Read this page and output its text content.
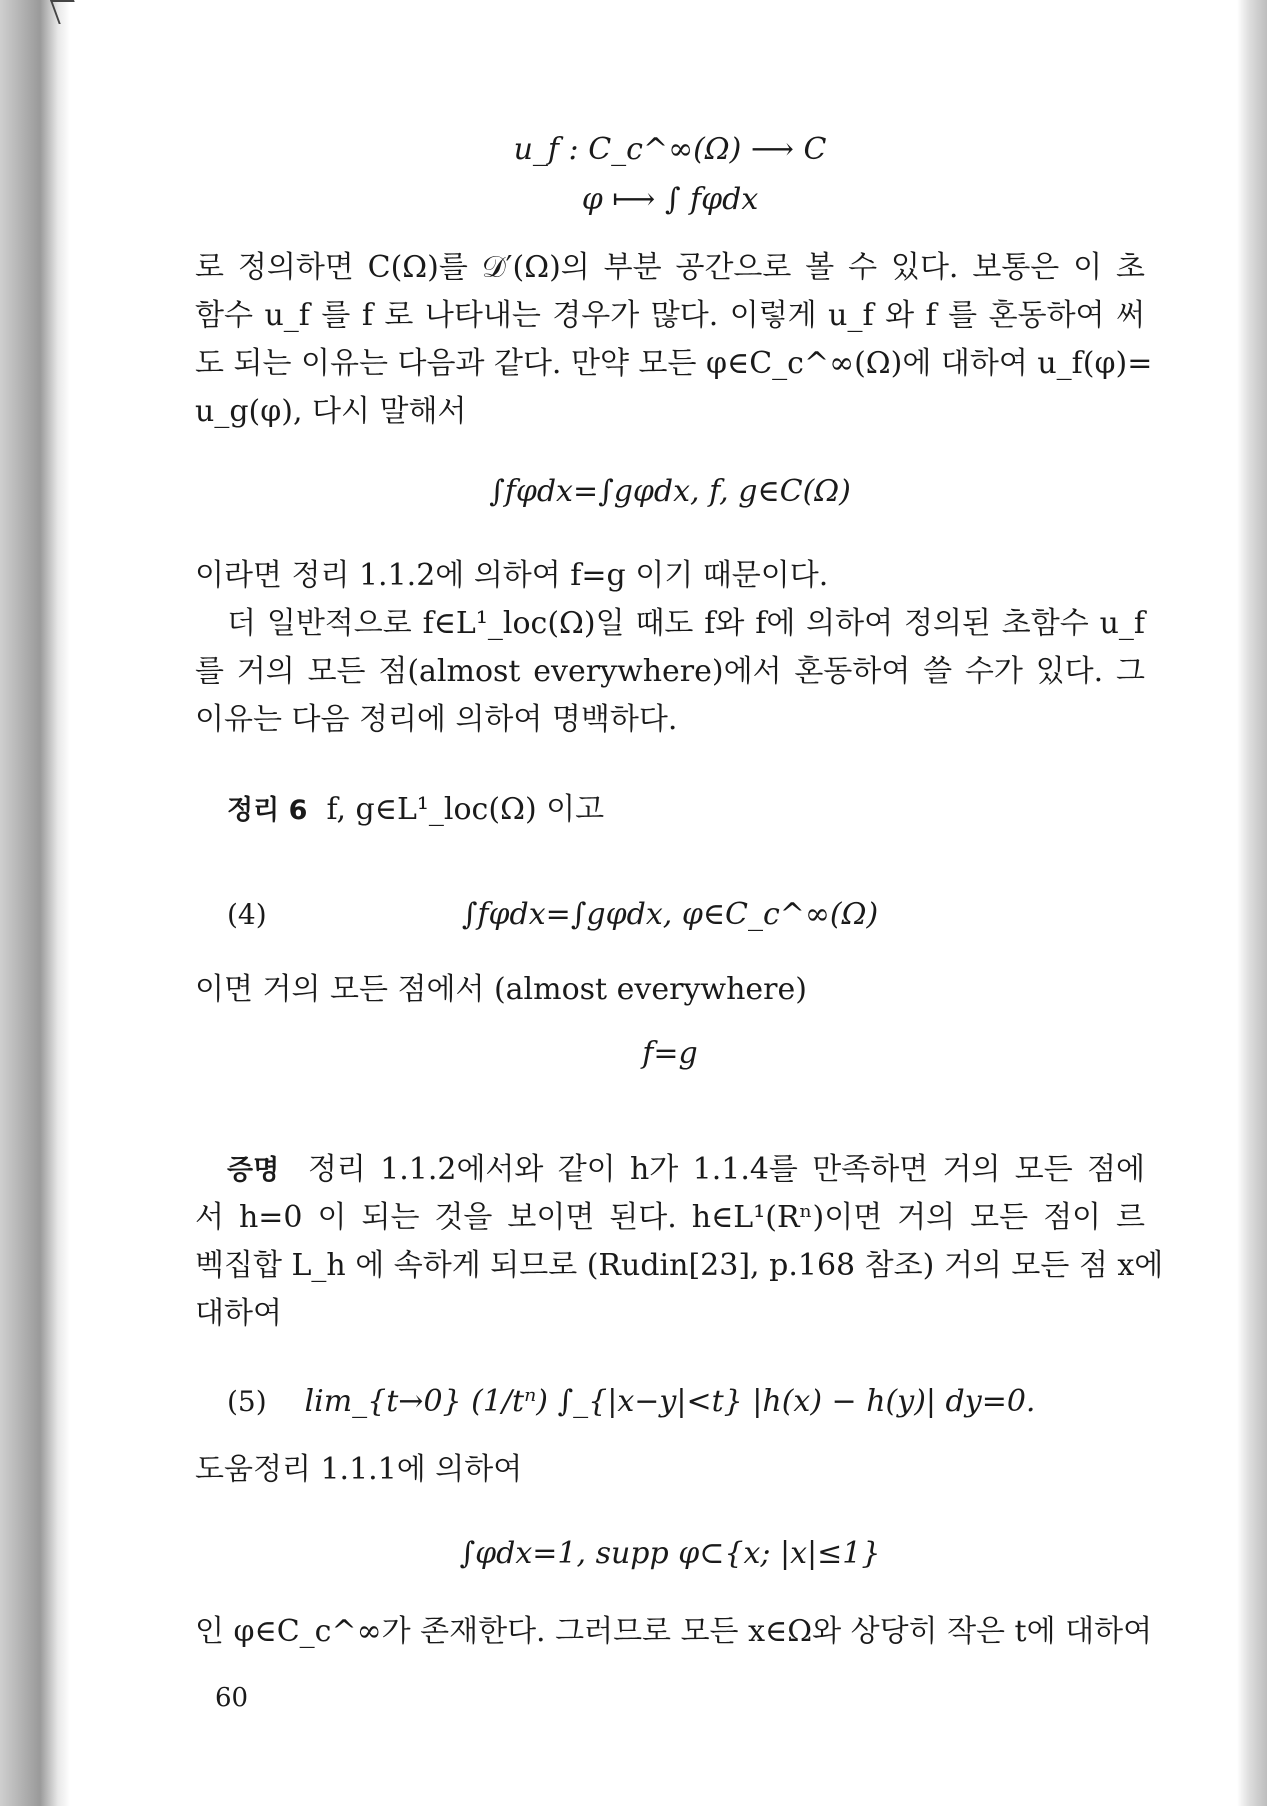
u_f : C_c^∞(Ω) ⟶ C
φ ⟼ ∫ fφdx
로 정의하면 C(Ω)를 𝒟′(Ω)의 부분 공간으로 볼 수 있다. 보통은 이 초
함수 u_f 를 f 로 나타내는 경우가 많다. 이렇게 u_f 와 f 를 혼동하여 써
도 되는 이유는 다음과 같다. 만약 모든 φ∈C_c^∞(Ω)에 대하여 u_f(φ)=
u_g(φ), 다시 말해서
∫fφdx=∫gφdx, f, g∈C(Ω)
이라면 정리 1.1.2에 의하여 f=g 이기 때문이다.
더 일반적으로 f∈L¹_loc(Ω)일 때도 f와 f에 의하여 정의된 초함수 u_f
를 거의 모든 점(almost everywhere)에서 혼동하여 쓸 수가 있다. 그
이유는 다음 정리에 의하여 명백하다.
정리 6 f, g∈L¹_loc(Ω) 이고
(4)	∫fφdx=∫gφdx, φ∈C_c^∞(Ω)
이면 거의 모든 점에서 (almost everywhere)
f=g
증명 정리 1.1.2에서와 같이 h가 1.1.4를 만족하면 거의 모든 점에
서 h=0 이 되는 것을 보이면 된다. h∈L¹(Rⁿ)이면 거의 모든 점이 르
벡집합 L_h 에 속하게 되므로 (Rudin[23], p.168 참조) 거의 모든 점 x에
대하여
(5)	lim_{t→0} (1/tⁿ) ∫_{|x−y|<t} |h(x) − h(y)| dy=0.
도움정리 1.1.1에 의하여
∫φdx=1, supp φ⊂{x; |x|≤1}
인 φ∈C_c^∞가 존재한다. 그러므로 모든 x∈Ω와 상당히 작은 t에 대하여
60
